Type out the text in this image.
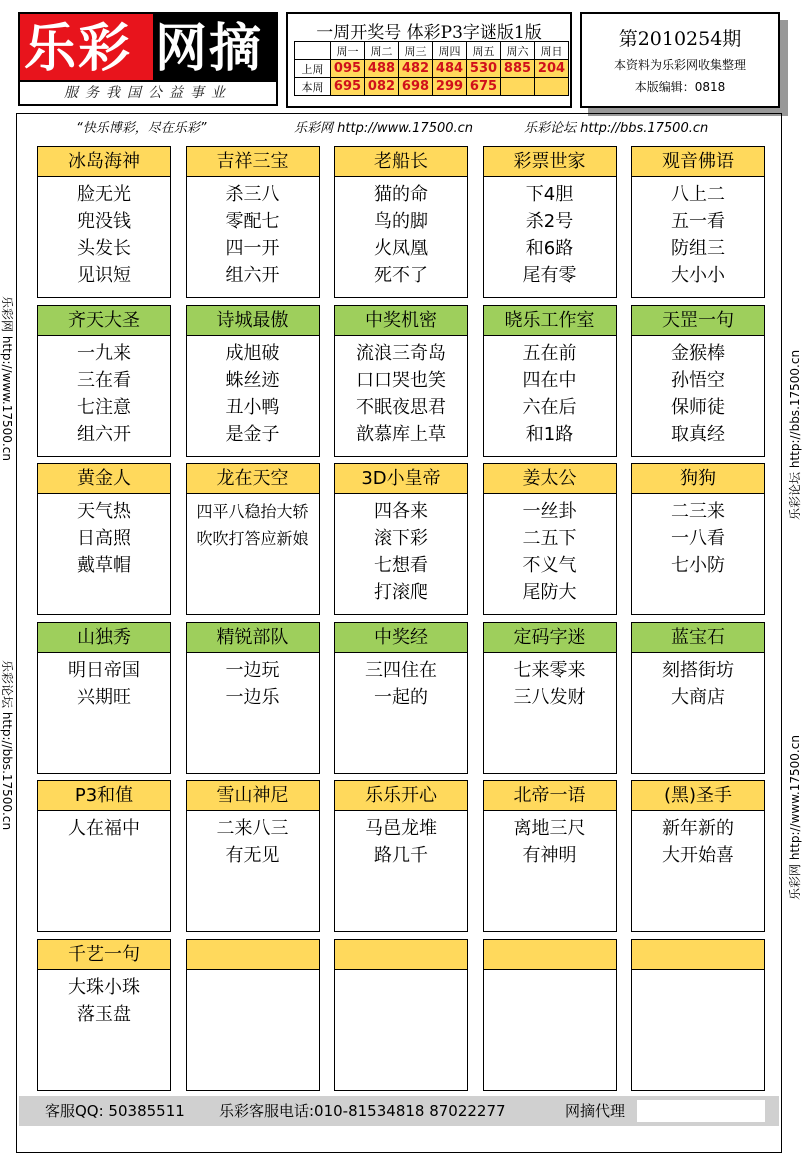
乐彩 网摘
服务我国公益事业
一周开奖号 体彩P3字谜版1版
	周一	周二	周三	周四	周五	周六	周日
上周	095	488	482	484	530	885	204
本周	695	082	698	299	675		
第2010254期
本资料为乐彩网收集整理
本版编辑：0818
“快乐博彩，尽在乐彩”	乐彩网 http://www.17500.cn	乐彩论坛 http://bbs.17500.cn
乐彩网 http://www.17500.cn
乐彩论坛 http://bbs.17500.cn
乐彩论坛 http://bbs.17500.cn
乐彩网 http://www.17500.cn
冰岛海神
脸无光
兜没钱
头发长
见识短
吉祥三宝
杀三八
零配七
四一开
组六开
老船长
猫的命
鸟的脚
火凤凰
死不了
彩票世家
下4胆
杀2号
和6路
尾有零
观音佛语
八上二
五一看
防组三
大小小
齐天大圣
一九来
三在看
七注意
组六开
诗城最傲
成旭破
蛛丝迹
丑小鸭
是金子
中奖机密
流浪三奇岛
口口哭也笑
不眠夜思君
歆慕库上草
晓乐工作室
五在前
四在中
六在后
和1路
天罡一句
金猴棒
孙悟空
保师徒
取真经
黄金人
天气热
日高照
戴草帽
龙在天空
四平八稳抬大轿
吹吹打答应新娘
3D小皇帝
四各来
滚下彩
七想看
打滚爬
姜太公
一丝卦
二五下
不义气
尾防大
狗狗
二三来
一八看
七小防
山独秀
明日帝国
兴期旺
精锐部队
一边玩
一边乐
中奖经
三四住在
一起的
定码字迷
七来零来
三八发财
蓝宝石
刻搭街坊
大商店
P3和值
人在福中
雪山神尼
二来八三
有无见
乐乐开心
马邑龙堆
路几千
北帝一语
离地三尺
有神明
(黑)圣手
新年新的
大开始喜
千艺一句
大珠小珠
落玉盘
客服QQ: 50385511 乐彩客服电话:010-81534818 87022277	网摘代理
